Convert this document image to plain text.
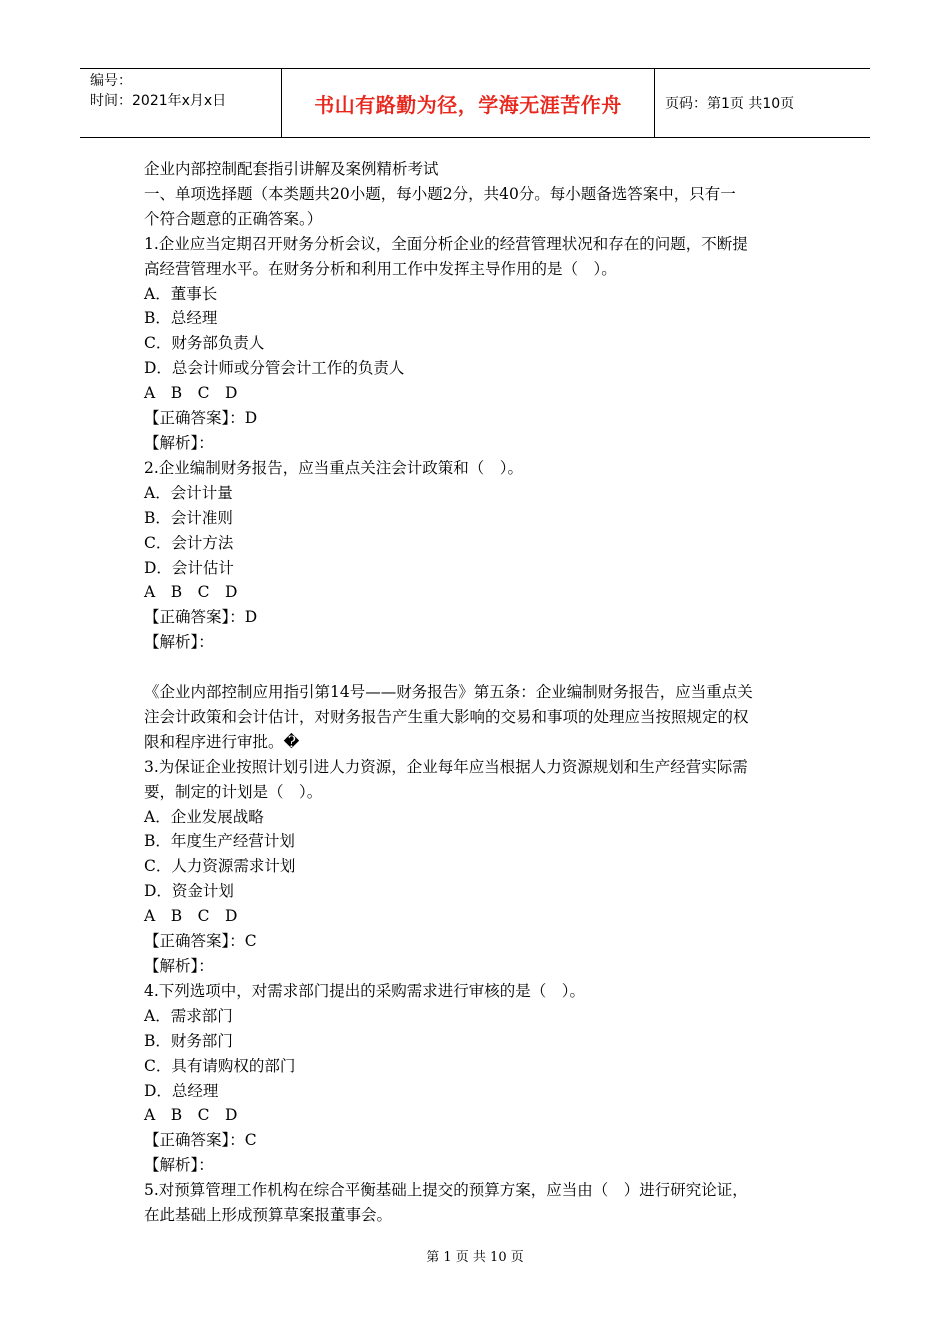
编号：
时间：2021年x月x日	书山有路勤为径，学海无涯苦作舟	页码：第1页 共10页

企业内部控制配套指引讲解及案例精析考试

一、单项选择题（本类题共20小题，每小题2分，共40分。每小题备选答案中，只有一

个符合题意的正确答案。）

1.企业应当定期召开财务分析会议，全面分析企业的经营管理状况和存在的问题，不断提

高经营管理水平。在财务分析和利用工作中发挥主导作用的是（　）。

A．董事长

B．总经理

C．财务部负责人

D．总会计师或分管会计工作的负责人

A　B　C　D

【正确答案】：D

【解析】：

2.企业编制财务报告，应当重点关注会计政策和（　）。

A．会计计量

B．会计准则

C．会计方法

D．会计估计

A　B　C　D

【正确答案】：D

【解析】：

《企业内部控制应用指引第14号——财务报告》第五条：企业编制财务报告，应当重点关

注会计政策和会计估计，对财务报告产生重大影响的交易和事项的处理应当按照规定的权

限和程序进行审批。�

3.为保证企业按照计划引进人力资源，企业每年应当根据人力资源规划和生产经营实际需

要，制定的计划是（　）。

A．企业发展战略

B．年度生产经营计划

C．人力资源需求计划

D．资金计划

A　B　C　D

【正确答案】：C

【解析】：

4.下列选项中，对需求部门提出的采购需求进行审核的是（　）。

A．需求部门

B．财务部门

C．具有请购权的部门

D．总经理

A　B　C　D

【正确答案】：C

【解析】：

5.对预算管理工作机构在综合平衡基础上提交的预算方案，应当由（　）进行研究论证，

在此基础上形成预算草案报董事会。

第 1 页 共 10 页
